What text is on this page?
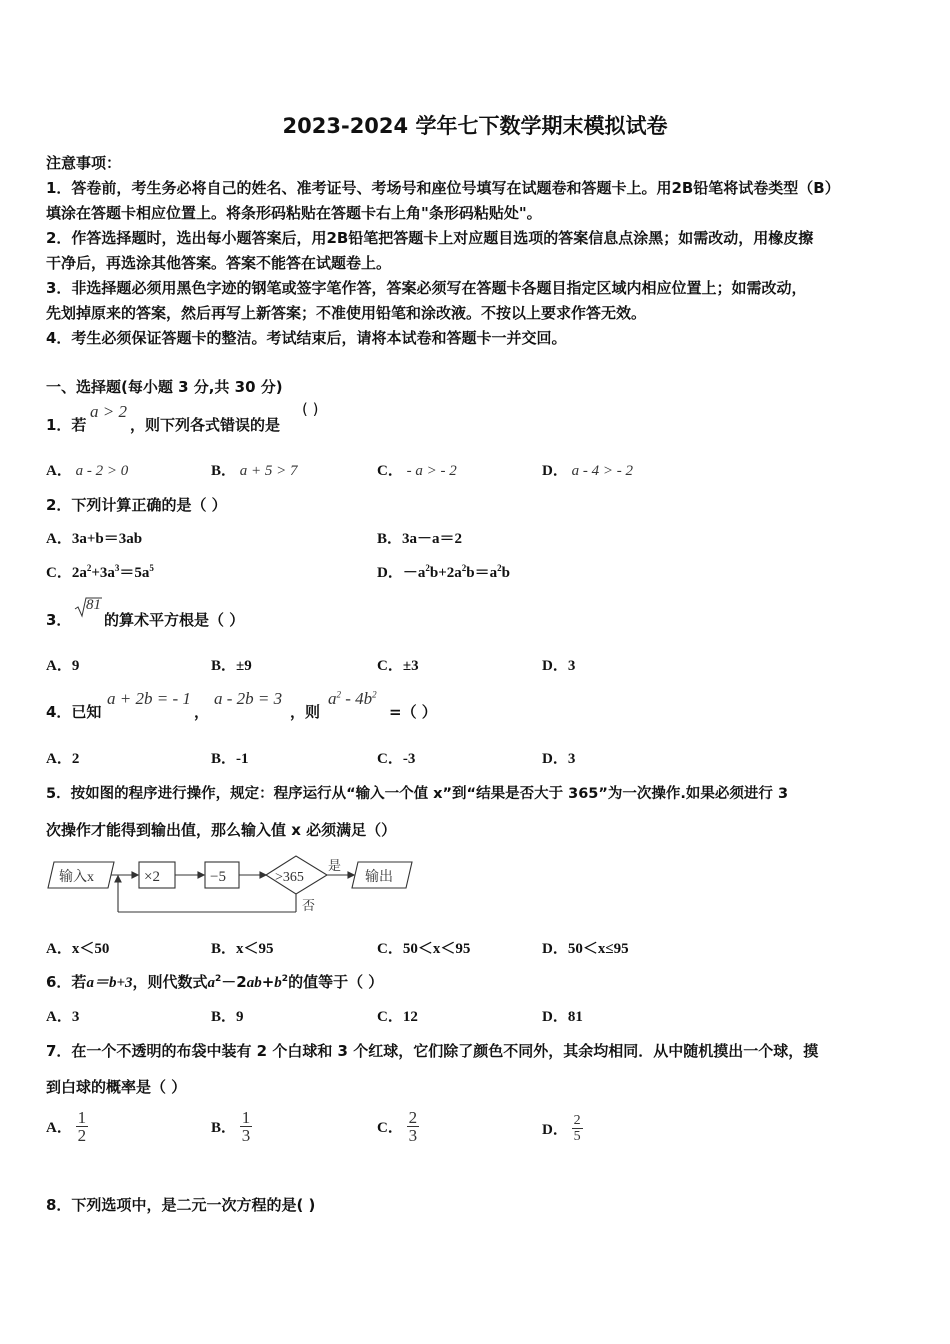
2023-2024 学年七下数学期末模拟试卷
注意事项：
1．答卷前，考生务必将自己的姓名、准考证号、考场号和座位号填写在试题卷和答题卡上。用2B铅笔将试卷类型（B）
填涂在答题卡相应位置上。将条形码粘贴在答题卡右上角"条形码粘贴处"。
2．作答选择题时，选出每小题答案后，用2B铅笔把答题卡上对应题目选项的答案信息点涂黑；如需改动，用橡皮擦
干净后，再选涂其他答案。答案不能答在试题卷上。
3．非选择题必须用黑色字迹的钢笔或签字笔作答，答案必须写在答题卡各题目指定区域内相应位置上；如需改动，
先划掉原来的答案，然后再写上新答案；不准使用铅笔和涂改液。不按以上要求作答无效。
4．考生必须保证答题卡的整洁。考试结束后，请将本试卷和答题卡一并交回。
一、选择题(每小题 3 分,共 30 分)
1．若
a > 2
，则下列各式错误的是
( )
A． a - 2 > 0	B． a + 5 > 7	C． - a > - 2	D． a - 4 > - 2
2．下列计算正确的是（ ）
A．3a+b＝3ab	B．3a－a＝2
C．$2a^2+3a^3=5a^5$	D．$-a^2b+2a^2b=a^2b$
3．
81
的算术平方根是（ ）
A．9	B．±9	C．±3	D．3
4．已知
a + 2b = - 1
，
a - 2b = 3
，则
$a^2 - 4b^2$
=（ ）
A．2	B．-1	C．-3	D．3
5．按如图的程序进行操作，规定：程序运行从“输入一个值 x”到“结果是否大于 365”为一次操作.如果必须进行 3
次操作才能得到输出值，那么输入值 x 必须满足（）
输入x	×2	−5	>365
是
输出
否
A．x＜50	B．x＜95	C．50＜x＜95	D．50＜x≤95
6．若a＝b+3，则代数式$a^2-2ab+b^2$的值等于（ ）
A．3	B．9	C．12	D．81
7．在一个不透明的布袋中装有 2 个白球和 3 个红球，它们除了颜色不同外，其余均相同．从中随机摸出一个球，摸
到白球的概率是（ ）
A． $\frac{1}{2}$	B． $\frac{1}{3}$	C． $\frac{2}{3}$	D． $\frac{2}{5}$
8．下列选项中，是二元一次方程的是( )
